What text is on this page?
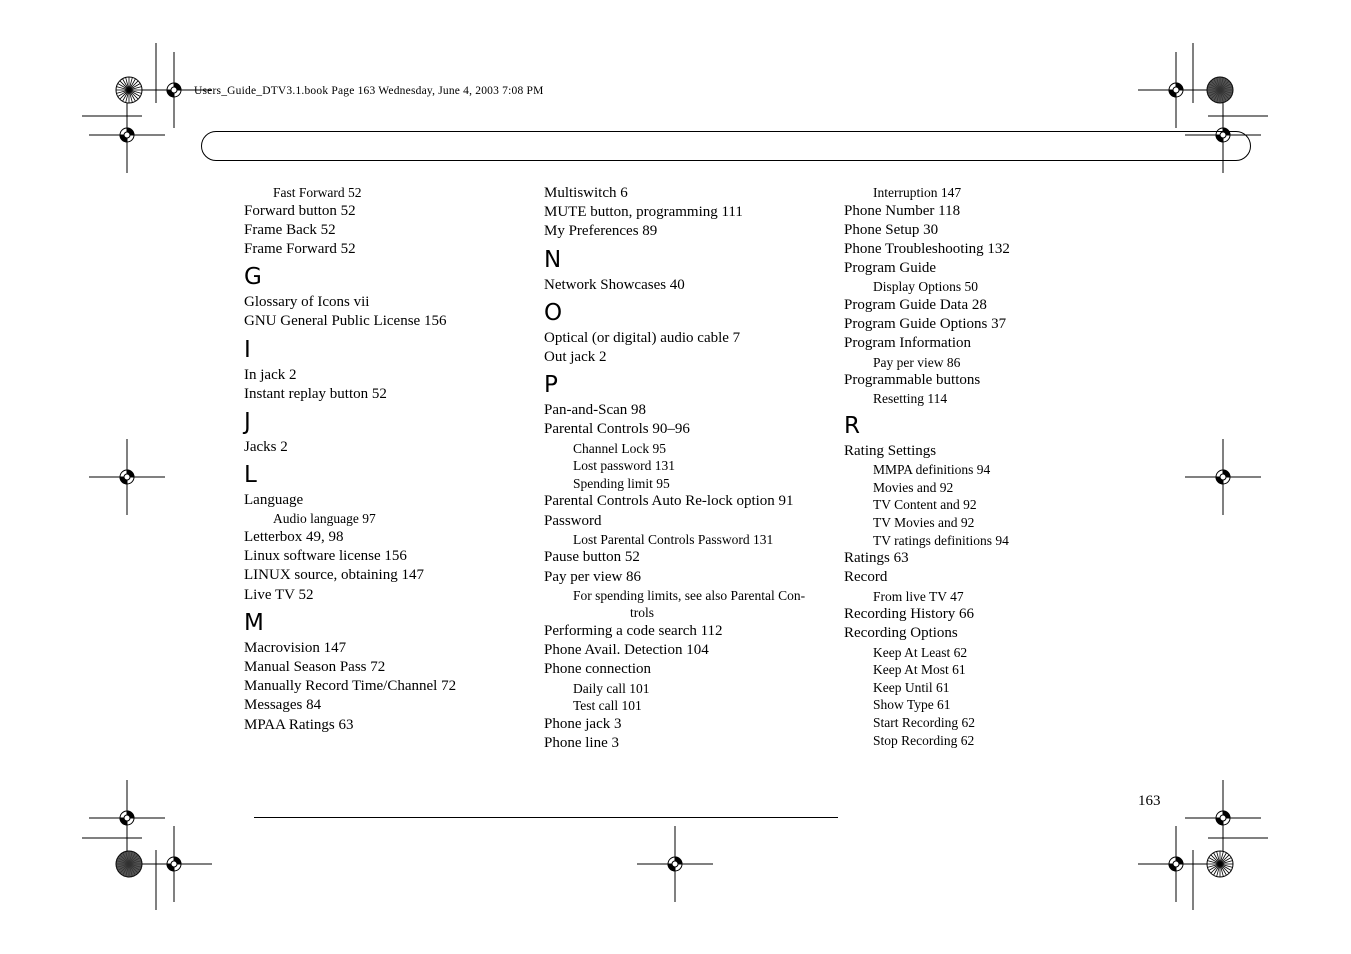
Users_Guide_DTV3.1.book Page 163 Wednesday, June 4, 2003 7:08 PM
Fast Forward 52
Forward button 52
Frame Back 52
Frame Forward 52
G
Glossary of Icons vii
GNU General Public License 156
I
In jack 2
Instant replay button 52
J
Jacks 2
L
Language
Audio language 97
Letterbox 49, 98
Linux software license 156
LINUX source, obtaining 147
Live TV 52
M
Macrovision 147
Manual Season Pass 72
Manually Record Time/Channel 72
Messages 84
MPAA Ratings 63
Multiswitch 6
MUTE button, programming 111
My Preferences 89
N
Network Showcases 40
O
Optical (or digital) audio cable 7
Out jack 2
P
Pan-and-Scan 98
Parental Controls 90–96
Channel Lock 95
Lost password 131
Spending limit 95
Parental Controls Auto Re-lock option 91
Password
Lost Parental Controls Password 131
Pause button 52
Pay per view 86
For spending limits, see also Parental Con-
trols
Performing a code search 112
Phone Avail. Detection 104
Phone connection
Daily call 101
Test call 101
Phone jack 3
Phone line 3
Interruption 147
Phone Number 118
Phone Setup 30
Phone Troubleshooting 132
Program Guide
Display Options 50
Program Guide Data 28
Program Guide Options 37
Program Information
Pay per view 86
Programmable buttons
Resetting 114
R
Rating Settings
MMPA definitions 94
Movies and 92
TV Content and 92
TV Movies and 92
TV ratings definitions 94
Ratings 63
Record
From live TV 47
Recording History 66
Recording Options
Keep At Least 62
Keep At Most 61
Keep Until 61
Show Type 61
Start Recording 62
Stop Recording 62
163
